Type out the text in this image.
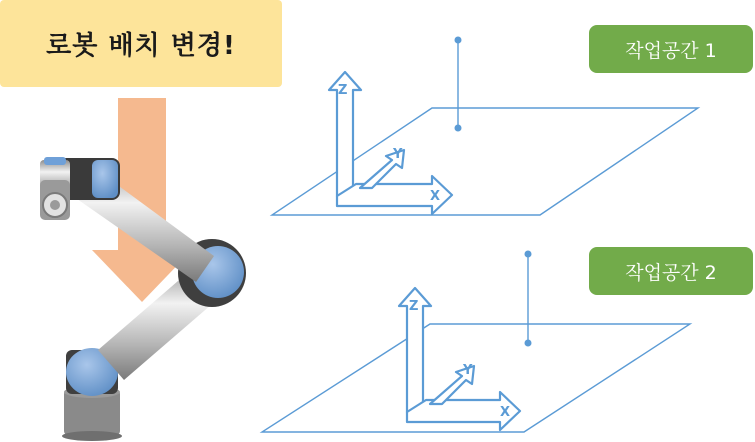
로봇 배치 변경!
Z
Y
X
Z
Y
X
작업공간 1
작업공간 2
